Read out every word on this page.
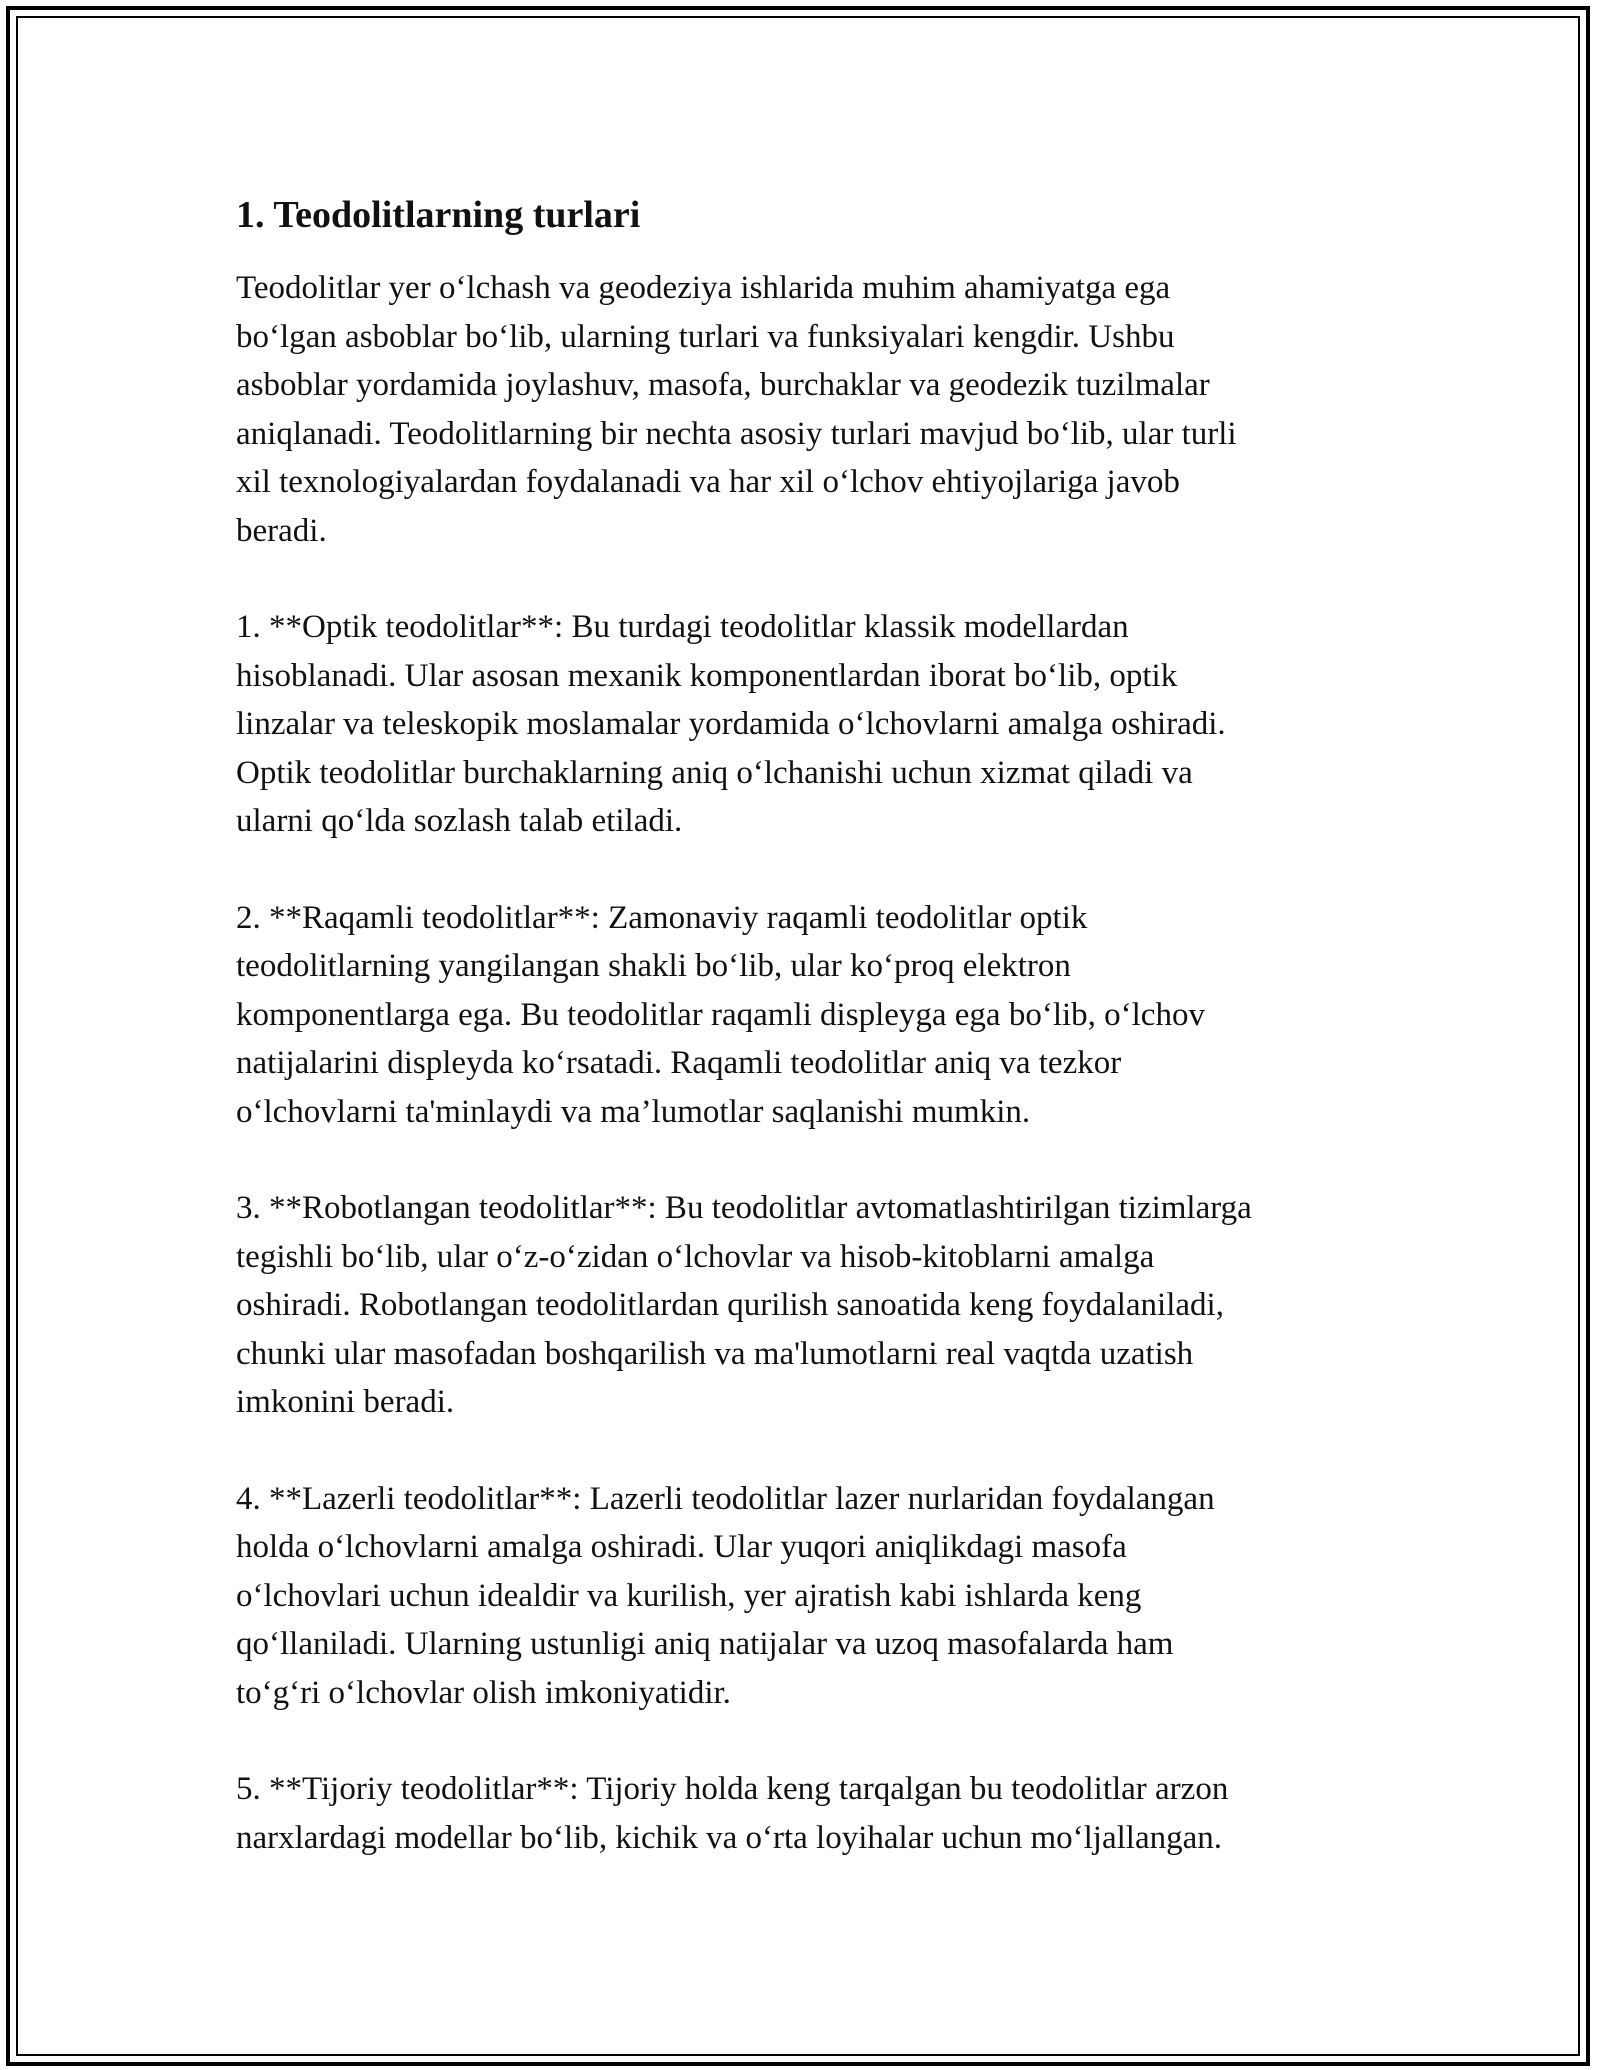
1. Teodolitlarning turlari

Teodolitlar yer o‘lchash va geodeziya ishlarida muhim ahamiyatga ega
bo‘lgan asboblar bo‘lib, ularning turlari va funksiyalari kengdir. Ushbu
asboblar yordamida joylashuv, masofa, burchaklar va geodezik tuzilmalar
aniqlanadi. Teodolitlarning bir nechta asosiy turlari mavjud bo‘lib, ular turli
xil texnologiyalardan foydalanadi va har xil o‘lchov ehtiyojlariga javob
beradi.

1. **Optik teodolitlar**: Bu turdagi teodolitlar klassik modellardan
hisoblanadi. Ular asosan mexanik komponentlardan iborat bo‘lib, optik
linzalar va teleskopik moslamalar yordamida o‘lchovlarni amalga oshiradi.
Optik teodolitlar burchaklarning aniq o‘lchanishi uchun xizmat qiladi va
ularni qo‘lda sozlash talab etiladi.

2. **Raqamli teodolitlar**: Zamonaviy raqamli teodolitlar optik
teodolitlarning yangilangan shakli bo‘lib, ular ko‘proq elektron
komponentlarga ega. Bu teodolitlar raqamli displeyga ega bo‘lib, o‘lchov
natijalarini displeyda ko‘rsatadi. Raqamli teodolitlar aniq va tezkor
o‘lchovlarni ta'minlaydi va ma’lumotlar saqlanishi mumkin.

3. **Robotlangan teodolitlar**: Bu teodolitlar avtomatlashtirilgan tizimlarga
tegishli bo‘lib, ular o‘z-o‘zidan o‘lchovlar va hisob-kitoblarni amalga
oshiradi. Robotlangan teodolitlardan qurilish sanoatida keng foydalaniladi,
chunki ular masofadan boshqarilish va ma'lumotlarni real vaqtda uzatish
imkonini beradi.

4. **Lazerli teodolitlar**: Lazerli teodolitlar lazer nurlaridan foydalangan
holda o‘lchovlarni amalga oshiradi. Ular yuqori aniqlikdagi masofa
o‘lchovlari uchun idealdir va kurilish, yer ajratish kabi ishlarda keng
qo‘llaniladi. Ularning ustunligi aniq natijalar va uzoq masofalarda ham
to‘g‘ri o‘lchovlar olish imkoniyatidir.

5. **Tijoriy teodolitlar**: Tijoriy holda keng tarqalgan bu teodolitlar arzon
narxlardagi modellar bo‘lib, kichik va o‘rta loyihalar uchun mo‘ljallangan.
